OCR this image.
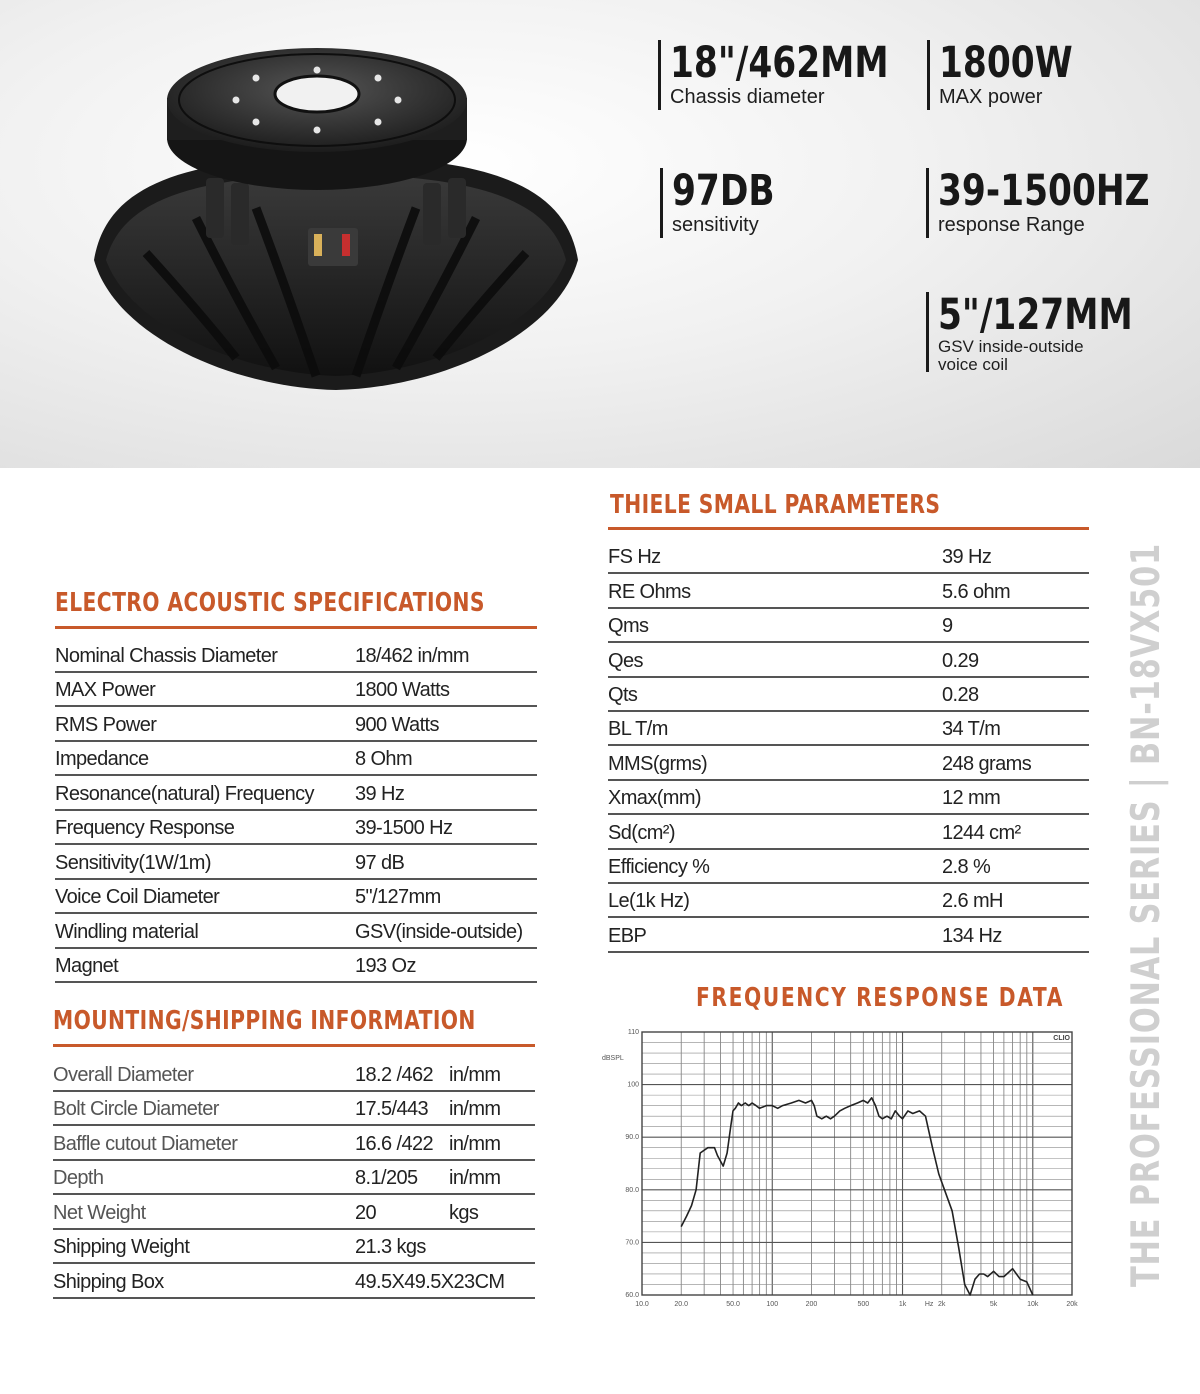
18"/462MM
Chassis diameter
1800W
MAX power
97DB
sensitivity
39-1500HZ
response Range
5"/127MM
GSV inside-outside
voice coil
ELECTRO ACOUSTIC SPECIFICATIONS
Nominal Chassis Diameter	18/462 in/mm
MAX Power	1800 Watts
RMS Power	900 Watts
Impedance	8 Ohm
Resonance(natural) Frequency	39 Hz
Frequency Response	39-1500 Hz
Sensitivity(1W/1m)	97 dB
Voice Coil Diameter	5"/127mm
Windling material	GSV(inside-outside)
Magnet	193 Oz
MOUNTING/SHIPPING INFORMATION
Overall Diameter	18.2 /462	in/mm
Bolt Circle Diameter	17.5/443	in/mm
Baffle cutout Diameter	16.6 /422	in/mm
Depth	8.1/205	in/mm
Net Weight	20	kgs
Shipping Weight	21.3 kgs	
Shipping Box	49.5X49.5X23CM	
THIELE SMALL PARAMETERS
FS Hz	39 Hz
RE Ohms	5.6 ohm
Qms	9
Qes	0.29
Qts	0.28
BL T/m	34 T/m
MMS(grms)	248 grams
Xmax(mm)	12 mm
Sd(cm²)	1244 cm²
Efficiency %	2.8 %
Le(1k Hz)	2.6 mH
EBP	134 Hz	THE PROFESSIONAL SERIES | BN-18VX501
FREQUENCY RESPONSE DATA
60.0
70.0
80.0
90.0
100
110
10.0	20.0	50.0	100	200	500	1k	Hz 2k	5k	10k	20k
dBSPL
CLIO
